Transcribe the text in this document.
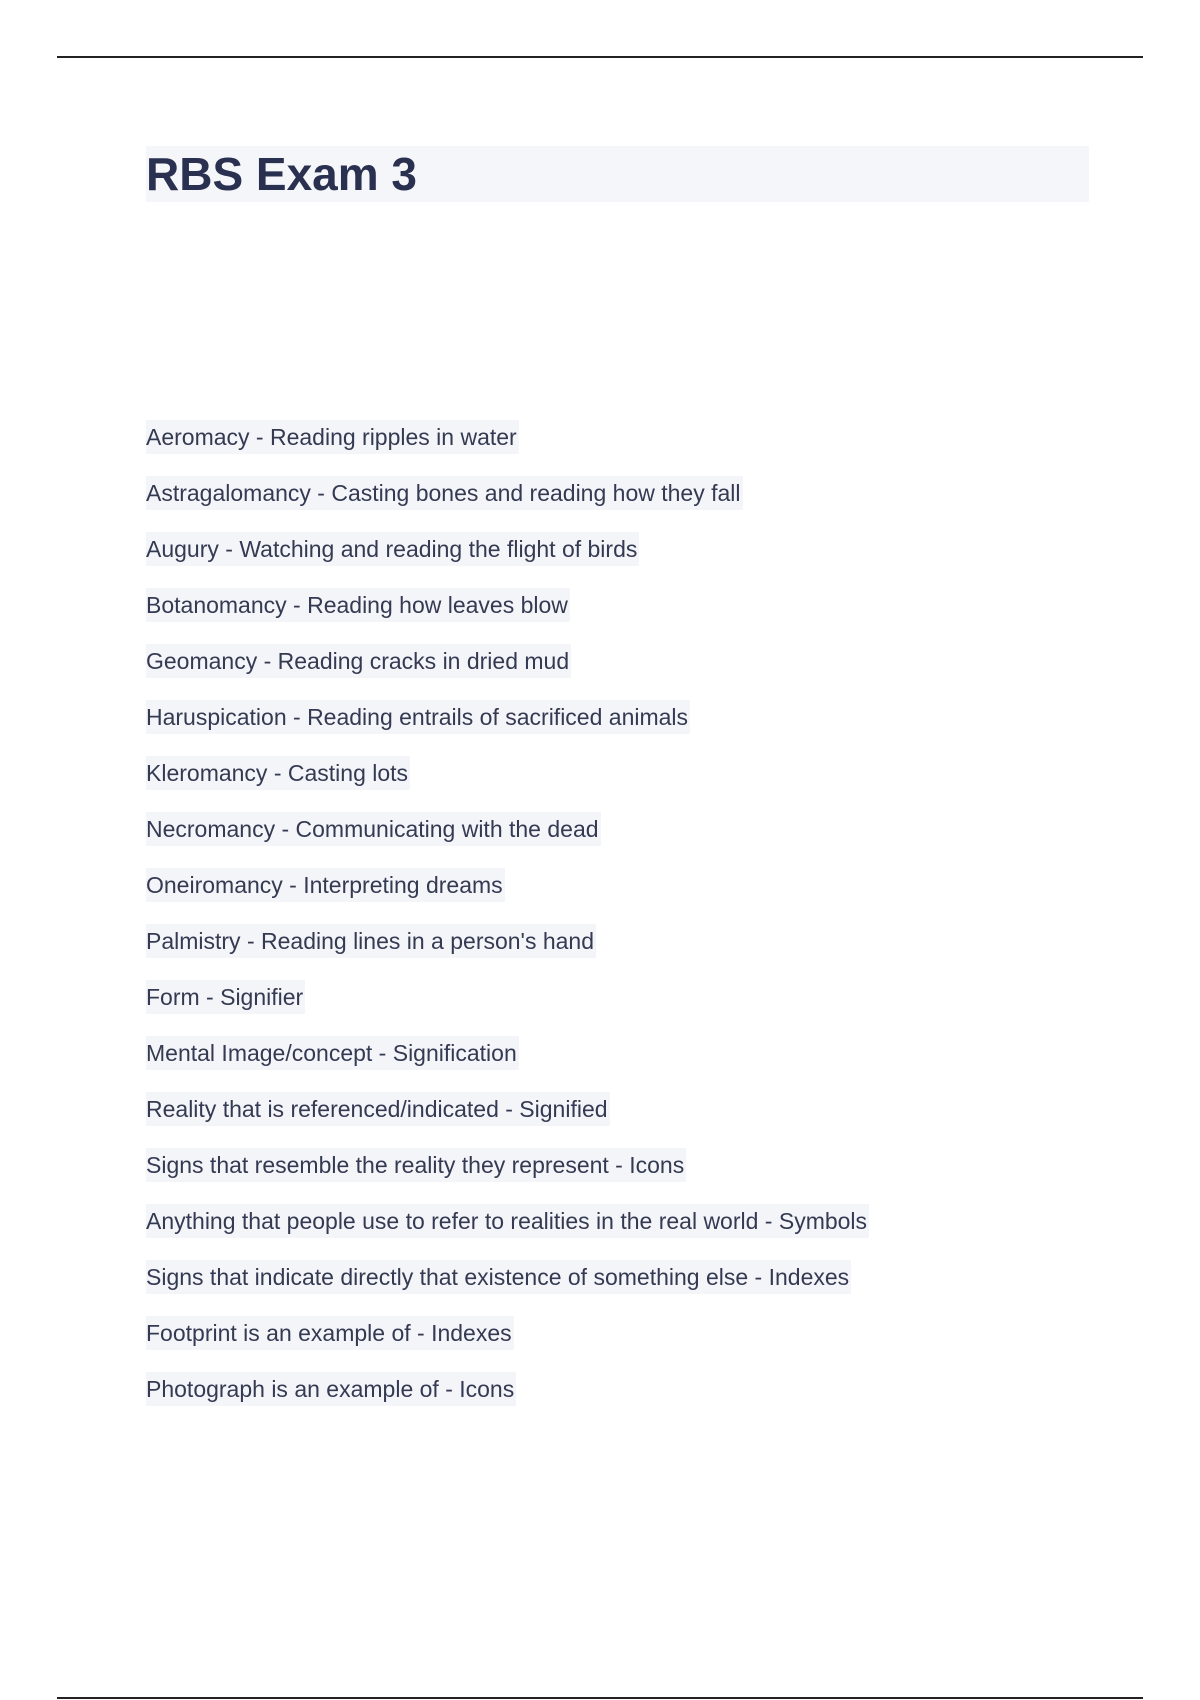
RBS Exam 3
Aeromacy - Reading ripples in water
Astragalomancy - Casting bones and reading how they fall
Augury - Watching and reading the flight of birds
Botanomancy - Reading how leaves blow
Geomancy - Reading cracks in dried mud
Haruspication - Reading entrails of sacrificed animals
Kleromancy - Casting lots
Necromancy - Communicating with the dead
Oneiromancy - Interpreting dreams
Palmistry - Reading lines in a person's hand
Form - Signifier
Mental Image/concept - Signification
Reality that is referenced/indicated - Signified
Signs that resemble the reality they represent - Icons
Anything that people use to refer to realities in the real world - Symbols
Signs that indicate directly that existence of something else - Indexes
Footprint is an example of - Indexes
Photograph is an example of - Icons
